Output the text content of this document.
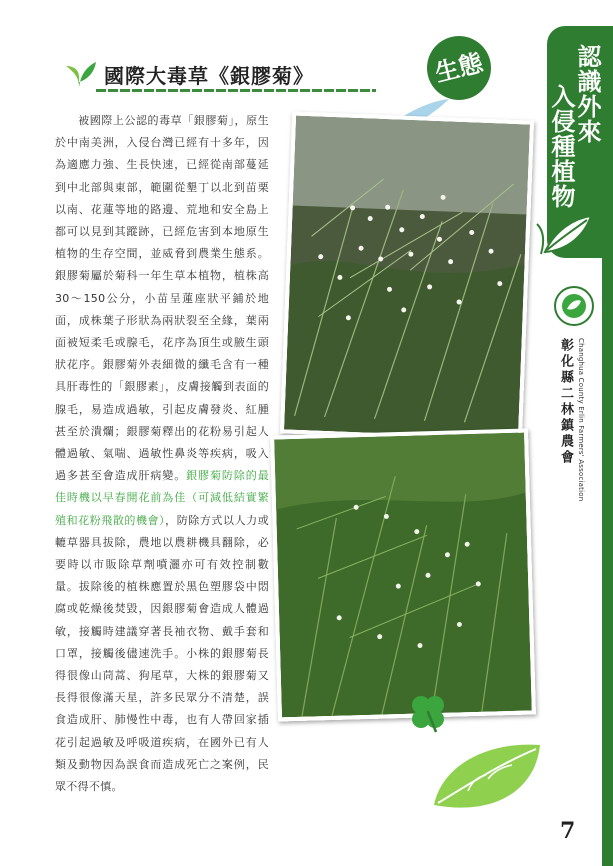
認識外來
入侵種植物
彰化縣二林鎮農會 Changhua County Erlin Farmers' Association
國際大毒草《銀膠菊》	生態
　　被國際上公認的毒草「銀膠菊」，原生於中南美洲，入侵台灣已經有十多年，因為適應力強、生長快速，已經從南部蔓延到中北部與東部，範圍從墾丁以北到苗栗以南、花蓮等地的路邊、荒地和安全島上都可以見到其蹤跡，已經危害到本地原生植物的生存空間，並威脅到農業生態系。銀膠菊屬於菊科一年生草本植物，植株高30～150公分，小苗呈蓮座狀平鋪於地面，成株葉子形狀為兩狀裂至全緣，葉兩面被短柔毛或腺毛，花序為頂生或腋生頭狀花序。銀膠菊外表細微的纖毛含有一種具肝毒性的「銀膠素」，皮膚接觸到表面的腺毛，易造成過敏，引起皮膚發炎、紅腫甚至於潰爛；銀膠菊釋出的花粉易引起人體過敏、氣喘、過敏性鼻炎等疾病，吸入過多甚至會造成肝病變。銀膠菊防除的最佳時機以早春開花前為佳（可減低結實繁殖和花粉飛散的機會），防除方式以人力或轆草器具拔除，農地以農耕機具翻除，必要時以市販除草劑噴灑亦可有效控制數量。拔除後的植株應置於黑色塑膠袋中悶腐或乾燥後焚毀，因銀膠菊會造成人體過敏，接觸時建議穿著長袖衣物、戴手套和口罩，接觸後儘速洗手。小株的銀膠菊長得很像山茼蒿、狗尾草，大株的銀膠菊又長得很像滿天星，許多民眾分不清楚，誤食造成肝、肺慢性中毒，也有人帶回家插花引起過敏及呼吸道疾病，在國外已有人類及動物因為誤食而造成死亡之案例，民眾不得不慎。
7
